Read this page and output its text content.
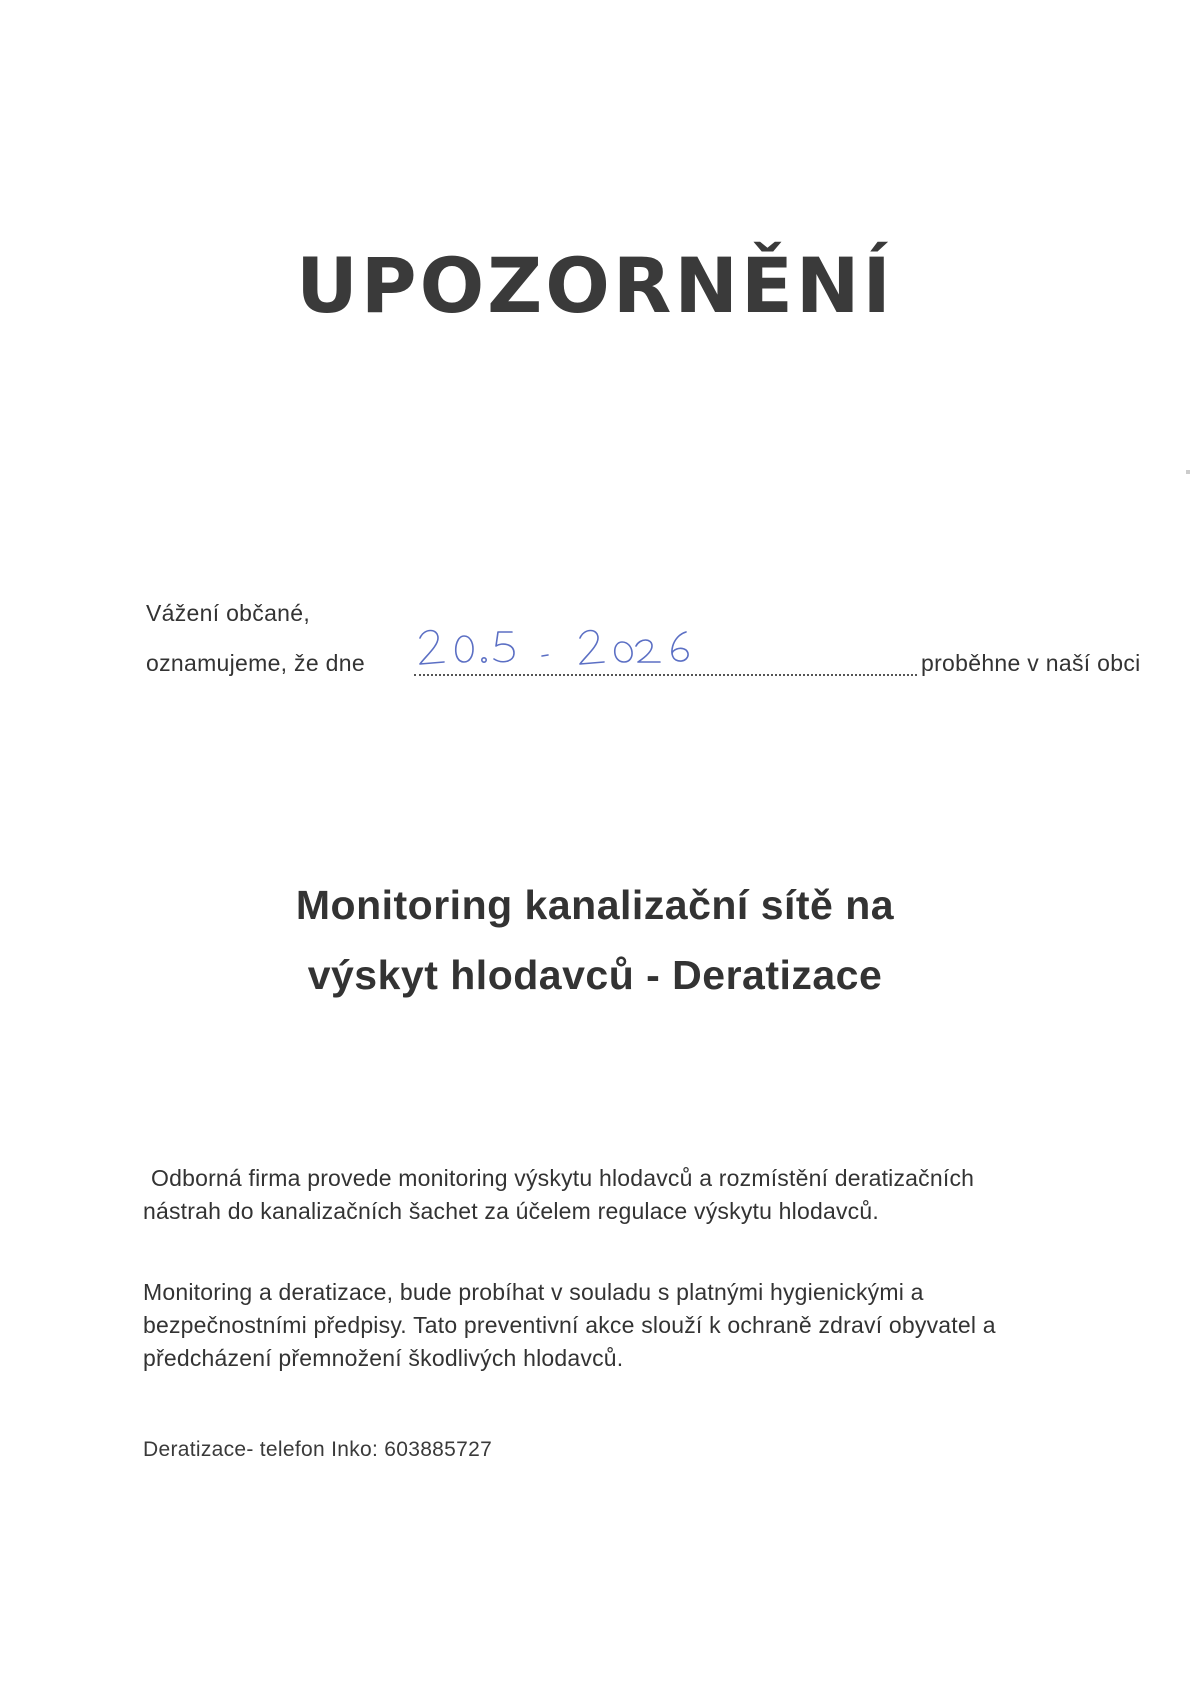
UPOZORNĚNÍ
Vážení občané,
oznamujeme, že dne	proběhne v naší obci
Monitoring kanalizační sítě na
výskyt hlodavců - Deratizace
Odborná firma provede monitoring výskytu hlodavců a rozmístění deratizačních nástrah do kanalizačních šachet za účelem regulace výskytu hlodavců.
Monitoring a deratizace, bude probíhat v souladu s platnými hygienickými a bezpečnostními předpisy. Tato preventivní akce slouží k ochraně zdraví obyvatel a předcházení přemnožení škodlivých hlodavců.
Deratizace- telefon Inko: 603885727
